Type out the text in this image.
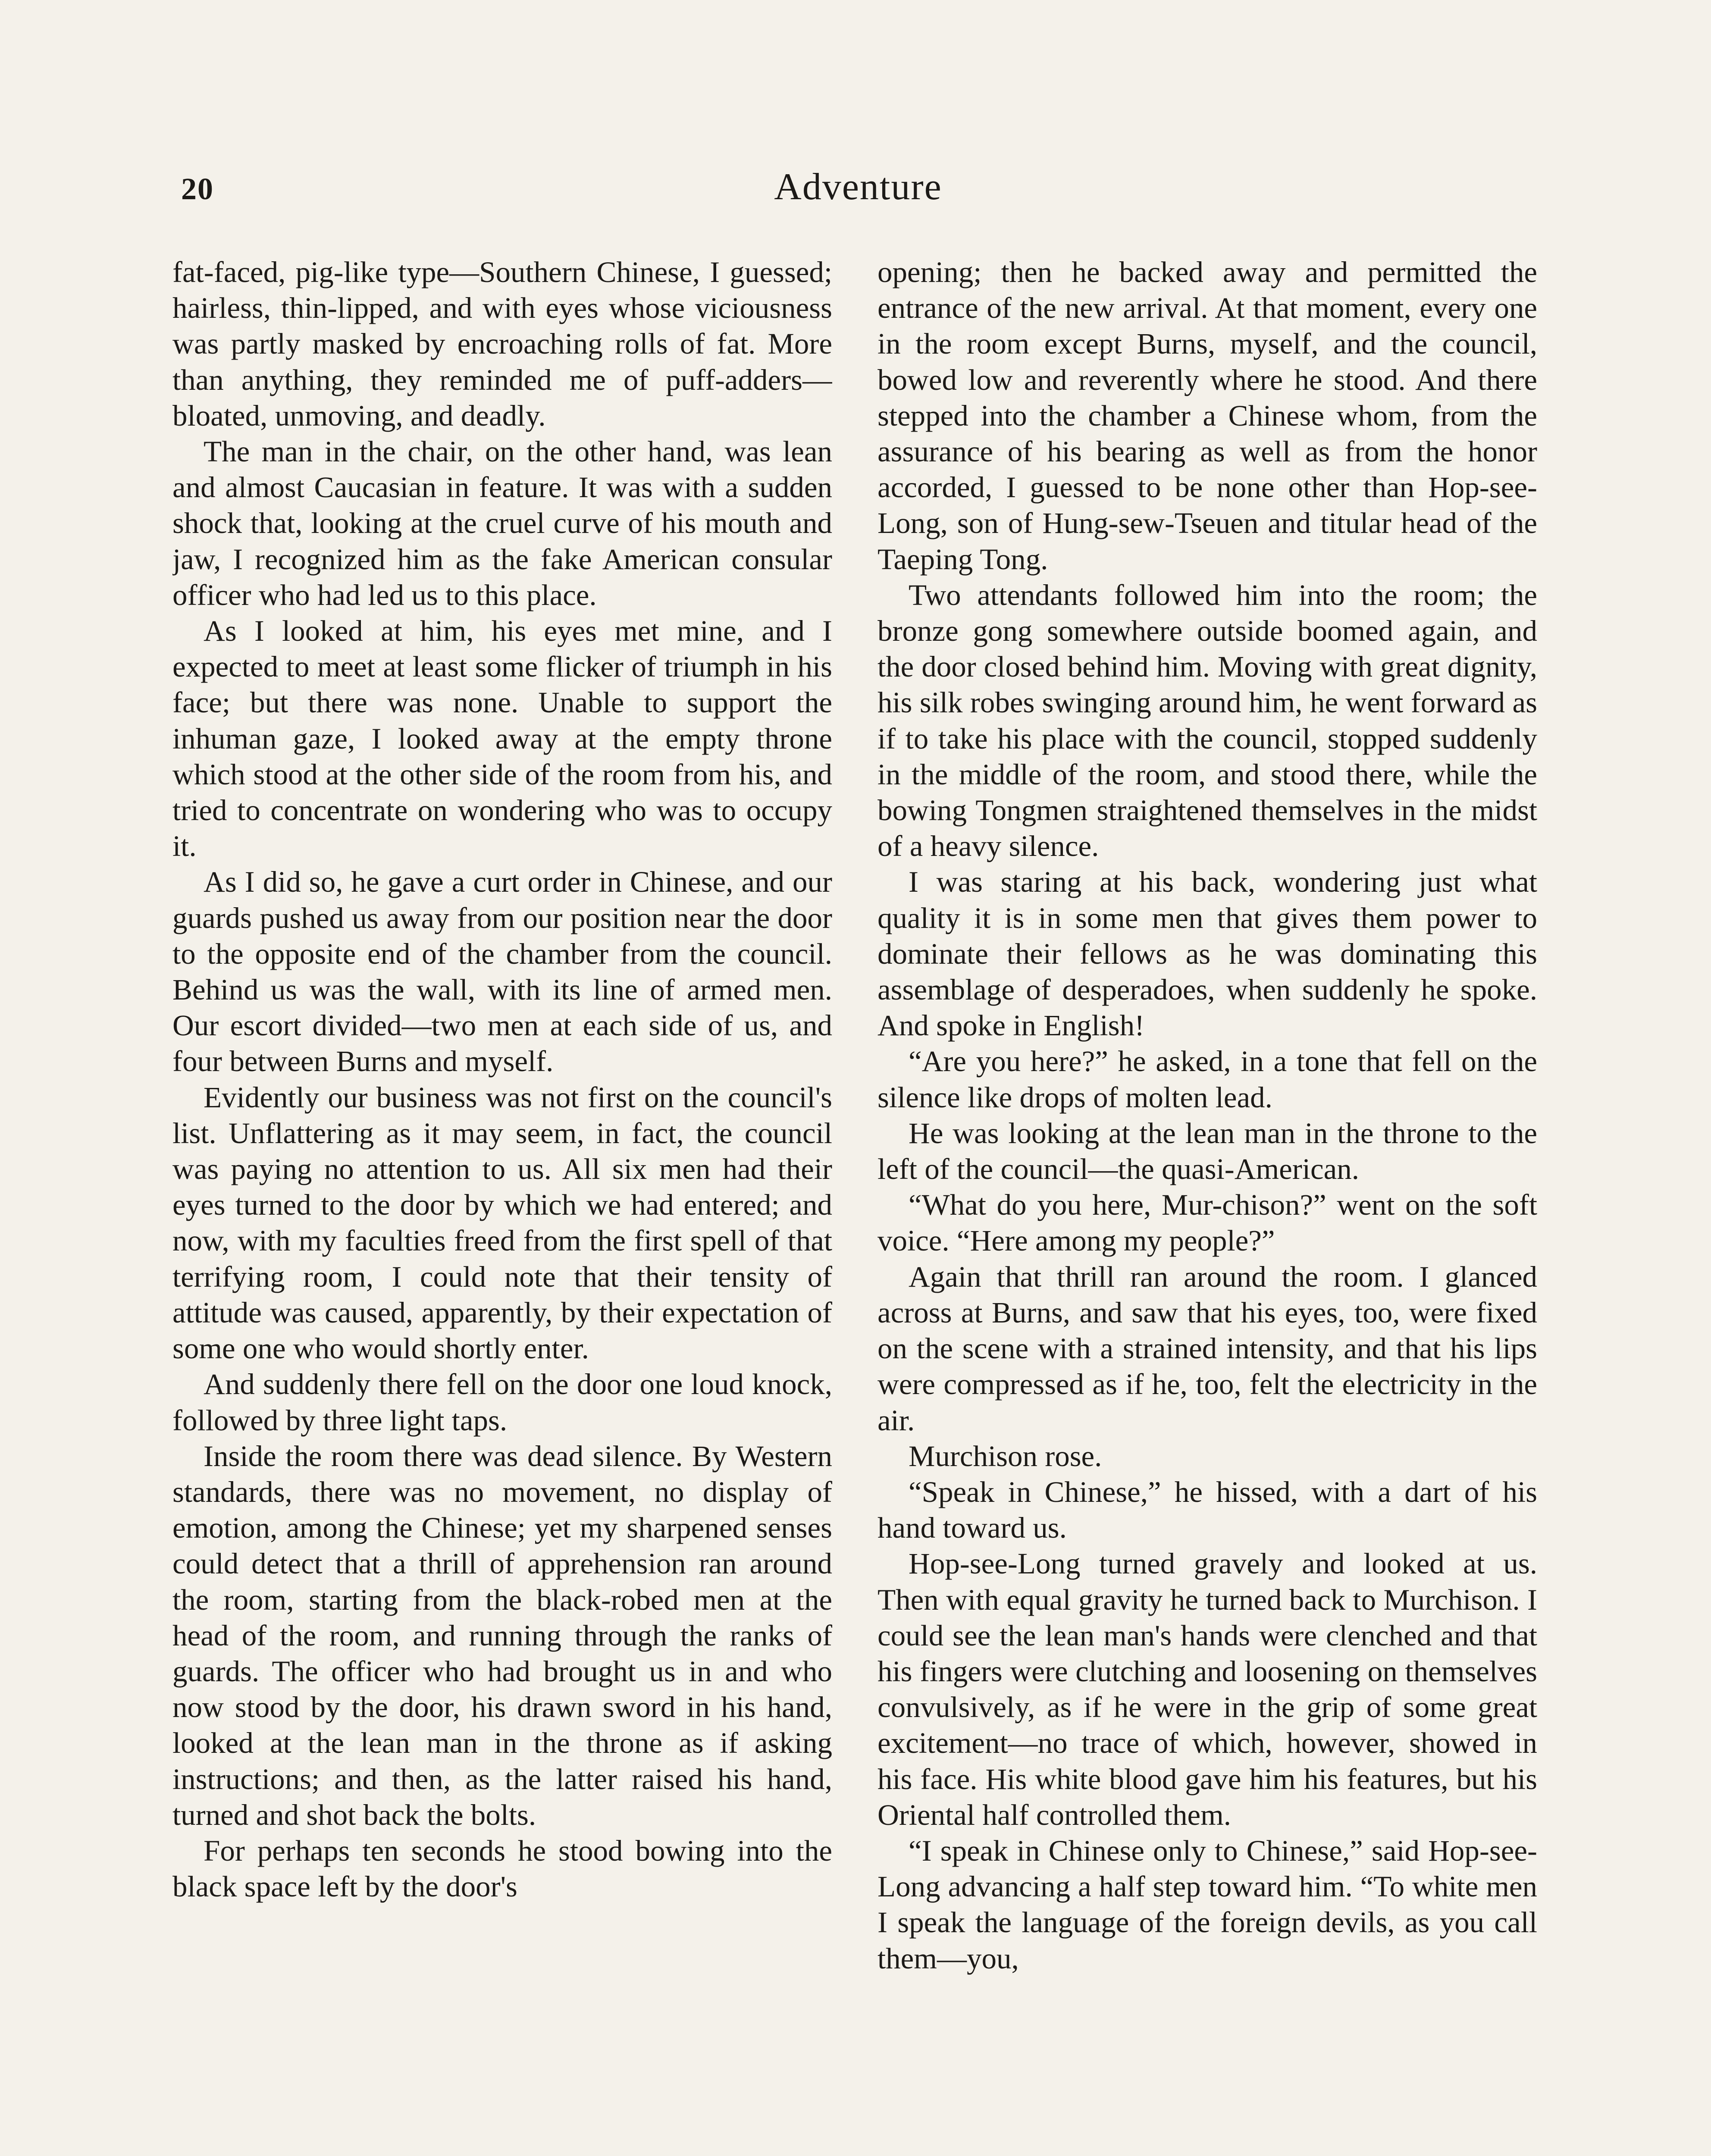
20	Adventure

fat-faced, pig-like type—Southern Chinese, I guessed; hairless, thin-lipped, and with eyes whose viciousness was partly masked by encroaching rolls of fat. More than anything, they reminded me of puff-adders—bloated, unmoving, and deadly.

The man in the chair, on the other hand, was lean and almost Caucasian in feature. It was with a sudden shock that, looking at the cruel curve of his mouth and jaw, I recognized him as the fake American consular officer who had led us to this place.

As I looked at him, his eyes met mine, and I expected to meet at least some flicker of triumph in his face; but there was none. Unable to support the inhuman gaze, I looked away at the empty throne which stood at the other side of the room from his, and tried to concentrate on wondering who was to occupy it.

As I did so, he gave a curt order in Chinese, and our guards pushed us away from our position near the door to the opposite end of the chamber from the council. Behind us was the wall, with its line of armed men. Our escort divided—two men at each side of us, and four between Burns and myself.

Evidently our business was not first on the council's list. Unflattering as it may seem, in fact, the council was paying no attention to us. All six men had their eyes turned to the door by which we had entered; and now, with my faculties freed from the first spell of that terrifying room, I could note that their tensity of attitude was caused, apparently, by their expectation of some one who would shortly enter.

And suddenly there fell on the door one loud knock, followed by three light taps.

Inside the room there was dead silence. By Western standards, there was no movement, no display of emotion, among the Chinese; yet my sharpened senses could detect that a thrill of apprehension ran around the room, starting from the black-robed men at the head of the room, and running through the ranks of guards. The officer who had brought us in and who now stood by the door, his drawn sword in his hand, looked at the lean man in the throne as if asking instructions; and then, as the latter raised his hand, turned and shot back the bolts.

For perhaps ten seconds he stood bowing into the black space left by the door's

opening; then he backed away and permitted the entrance of the new arrival. At that moment, every one in the room except Burns, myself, and the council, bowed low and reverently where he stood. And there stepped into the chamber a Chinese whom, from the assurance of his bearing as well as from the honor accorded, I guessed to be none other than Hop-see-Long, son of Hung-sew-Tseuen and titular head of the Taeping Tong.

Two attendants followed him into the room; the bronze gong somewhere outside boomed again, and the door closed behind him. Moving with great dignity, his silk robes swinging around him, he went forward as if to take his place with the council, stopped suddenly in the middle of the room, and stood there, while the bowing Tongmen straightened themselves in the midst of a heavy silence.

I was staring at his back, wondering just what quality it is in some men that gives them power to dominate their fellows as he was dominating this assemblage of desperadoes, when suddenly he spoke. And spoke in English!

“Are you here?” he asked, in a tone that fell on the silence like drops of molten lead.

He was looking at the lean man in the throne to the left of the council—the quasi-American.

“What do you here, Mur-chison?” went on the soft voice. “Here among my people?”

Again that thrill ran around the room. I glanced across at Burns, and saw that his eyes, too, were fixed on the scene with a strained intensity, and that his lips were compressed as if he, too, felt the electricity in the air.

Murchison rose.

“Speak in Chinese,” he hissed, with a dart of his hand toward us.

Hop-see-Long turned gravely and looked at us. Then with equal gravity he turned back to Murchison. I could see the lean man's hands were clenched and that his fingers were clutching and loosening on themselves convulsively, as if he were in the grip of some great excitement—no trace of which, however, showed in his face. His white blood gave him his features, but his Oriental half controlled them.

“I speak in Chinese only to Chinese,” said Hop-see-Long advancing a half step toward him. “To white men I speak the language of the foreign devils, as you call them—you,
